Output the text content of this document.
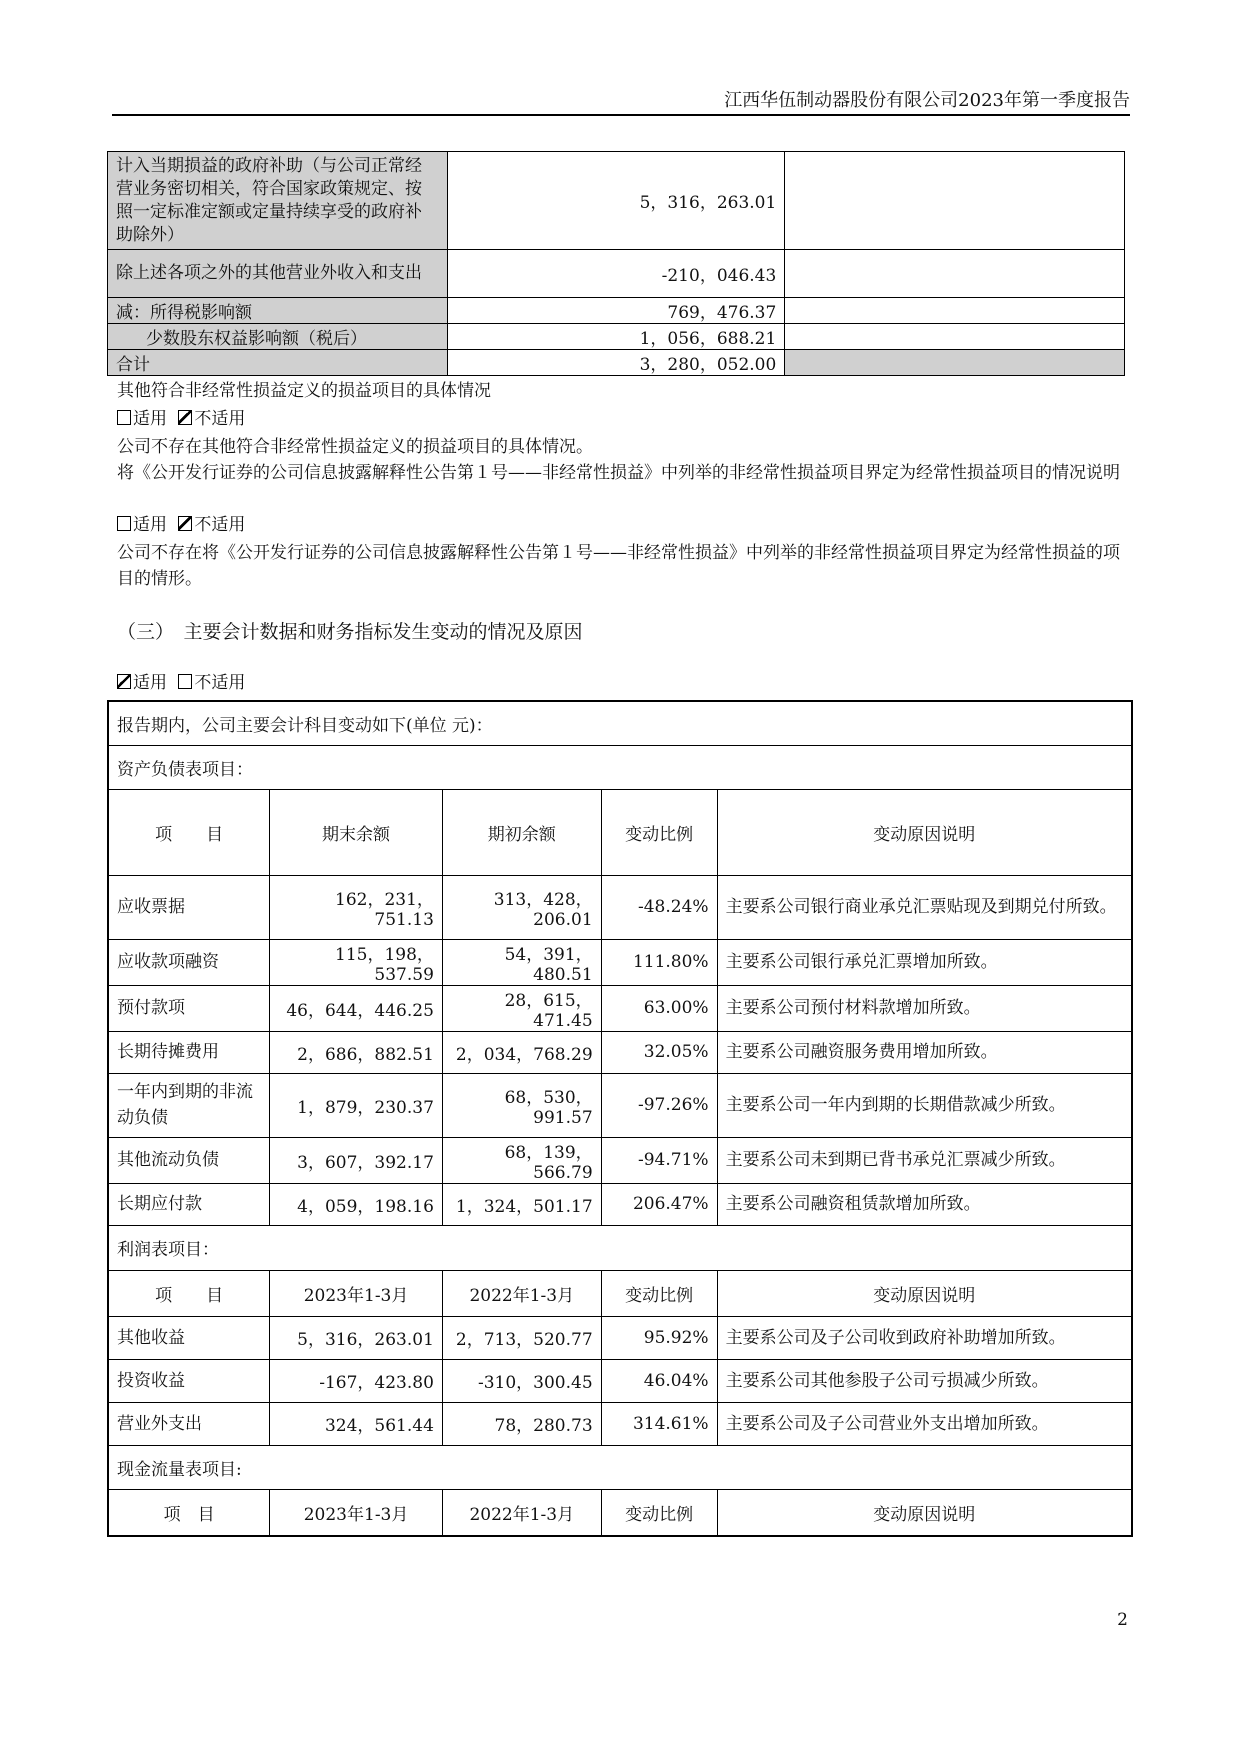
江西华伍制动器股份有限公司2023年第一季度报告
计入当期损益的政府补助（与公司正常经营业务密切相关，符合国家政策规定、按照一定标准定额或定量持续享受的政府补助除外）	5，316，263.01	
除上述各项之外的其他营业外收入和支出	-210，046.43	
减：所得税影响额	769，476.37	
少数股东权益影响额（税后）	1，056，688.21	
合计	3，280，052.00	
其他符合非经常性损益定义的损益项目的具体情况
适用 不适用
公司不存在其他符合非经常性损益定义的损益项目的具体情况。
将《公开发行证券的公司信息披露解释性公告第１号——非经常性损益》中列举的非经常性损益项目界定为经常性损益项目的情况说明
适用 不适用
公司不存在将《公开发行证券的公司信息披露解释性公告第１号——非经常性损益》中列举的非经常性损益项目界定为经常性损益的项目的情形。
（三）　主要会计数据和财务指标发生变动的情况及原因
适用 不适用
报告期内，公司主要会计科目变动如下(单位 元)：				
资产负债表项目：				
项　　目	期末余额	期初余额	变动比例	变动原因说明
应收票据	162，231，751.13	313，428，206.01	-48.24%	主要系公司银行商业承兑汇票贴现及到期兑付所致。
应收款项融资	115，198，537.59	54，391，480.51	111.80%	主要系公司银行承兑汇票增加所致。
预付款项	46，644，446.25	28，615，471.45	63.00%	主要系公司预付材料款增加所致。
长期待摊费用	2，686，882.51	2，034，768.29	32.05%	主要系公司融资服务费用增加所致。
一年内到期的非流动负债	1，879，230.37	68，530，991.57	-97.26%	主要系公司一年内到期的长期借款减少所致。
其他流动负债	3，607，392.17	68，139，566.79	-94.71%	主要系公司未到期已背书承兑汇票减少所致。
长期应付款	4，059，198.16	1，324，501.17	206.47%	主要系公司融资租赁款增加所致。
利润表项目：				
项　　目	2023年1-3月	2022年1-3月	变动比例	变动原因说明
其他收益	5，316，263.01	2，713，520.77	95.92%	主要系公司及子公司收到政府补助增加所致。
投资收益	-167，423.80	-310，300.45	46.04%	主要系公司其他参股子公司亏损减少所致。
营业外支出	324，561.44	78，280.73	314.61%	主要系公司及子公司营业外支出增加所致。
现金流量表项目:				
项　目	2023年1-3月	2022年1-3月	变动比例	变动原因说明
2
